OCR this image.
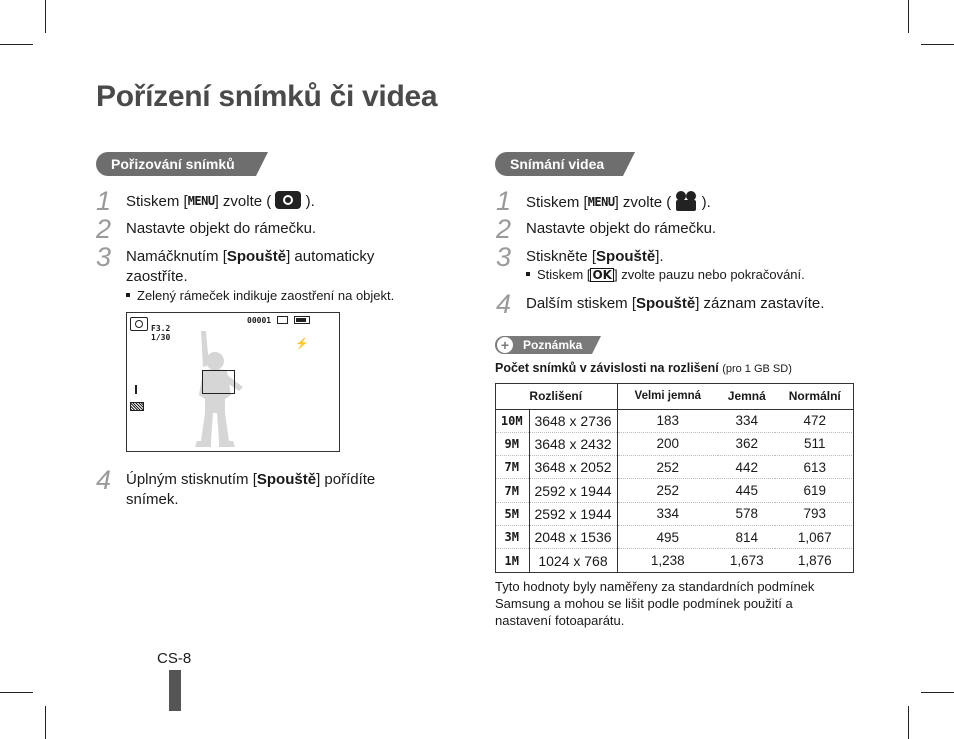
Pořízení snímků či videa
Pořizování snímků
1 Stiskem [MENU] zvolte ( ).
2 Nastavte objekt do rámečku.
3 Namáčknutím [Spouště] automaticky
zaostříte.
Zelený rámeček indikuje zaostření na objekt.
F3.2
1/30
00001
⚡
4 Úplným stisknutím [Spouště] pořídíte
snímek.
Snímání videa
1 Stiskem [MENU] zvolte ( ).
2 Nastavte objekt do rámečku.
3 Stiskněte [Spouště].
Stiskem [ OK ] zvolte pauzu nebo pokračování.
4 Dalším stiskem [Spouště] záznam zastavíte.
+	Poznámka
Počet snímků v závislosti na rozlišení (pro 1 GB SD)
Rozlišení		Velmi jemná	Jemná	Normální
10M	3648 x 2736	183	334	472
9M	3648 x 2432	200	362	511
7M	3648 x 2052	252	442	613
7M	2592 x 1944	252	445	619
5M	2592 x 1944	334	578	793
3M	2048 x 1536	495	814	1,067
1M	1024 x 768	1,238	1,673	1,876
Tyto hodnoty byly naměřeny za standardních podmínek
Samsung a mohou se lišit podle podmínek použití a
nastavení fotoaparátu.
CS-8
